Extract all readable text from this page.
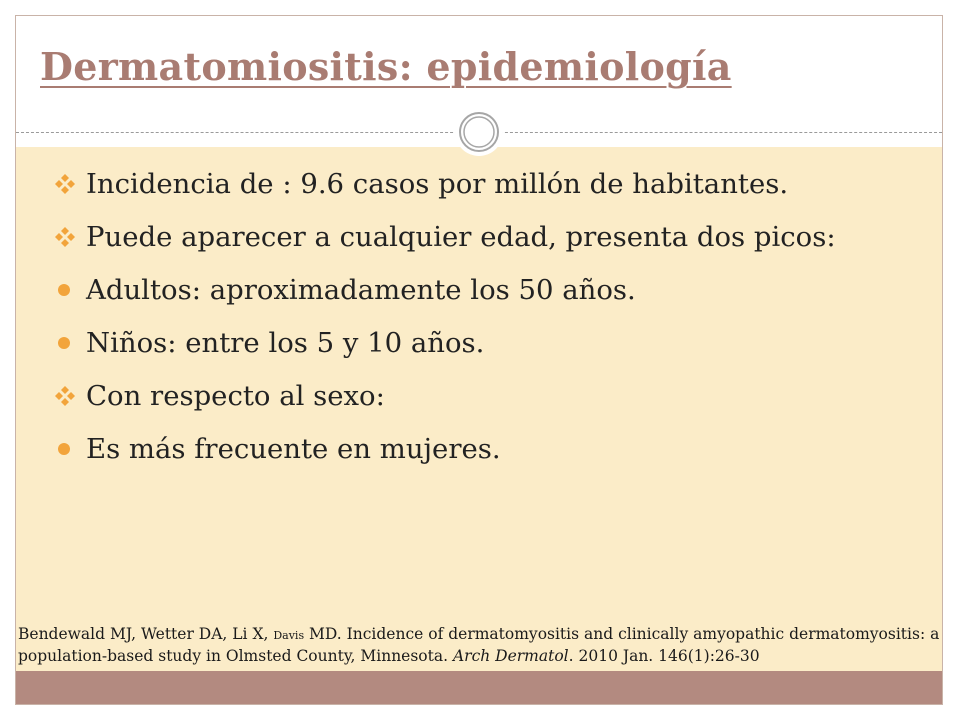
Dermatomiositis: epidemiología
Incidencia de : 9.6 casos por millón de habitantes.
Puede aparecer a cualquier edad, presenta dos picos:
Adultos: aproximadamente los 50 años.
Niños: entre los 5 y 10 años.
Con respecto al sexo:
Es más frecuente en mujeres.

Bendewald MJ, Wetter DA, Li X, Davis MD. Incidence of dermatomyositis and clinically amyopathic dermatomyositis: a population-based study in Olmsted County, Minnesota. Arch Dermatol. 2010 Jan. 146(1):26-30
